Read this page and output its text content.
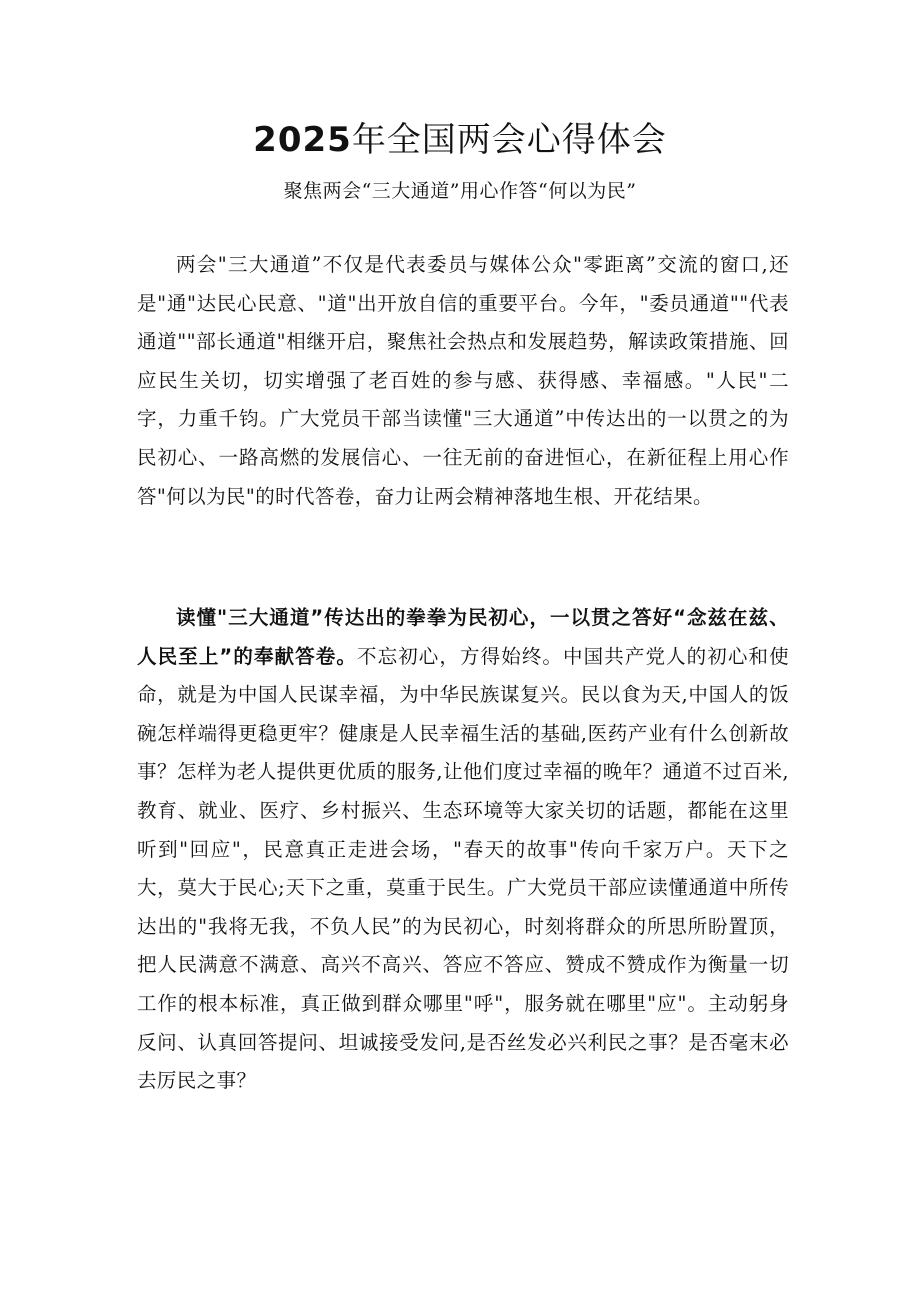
2025年全国两会心得体会

聚焦两会“三大通道”用心作答“何以为民”

两会"三大通道”不仅是代表委员与媒体公众"零距离”交流的窗口,还是"通"达民心民意、"道"出开放自信的重要平台。今年，"委员通道""代表通道""部长通道"相继开启，聚焦社会热点和发展趋势，解读政策措施、回应民生关切，切实增强了老百姓的参与感、获得感、幸福感。"人民"二字，力重千钧。广大党员干部当读懂"三大通道”中传达出的一以贯之的为民初心、一路高燃的发展信心、一往无前的奋进恒心，在新征程上用心作答"何以为民"的时代答卷，奋力让两会精神落地生根、开花结果。

读懂"三大通道”传达出的拳拳为民初心，一以贯之答好“念兹在兹、人民至上”的奉献答卷。不忘初心，方得始终。中国共产党人的初心和使命，就是为中国人民谋幸福，为中华民族谋复兴。民以食为天,中国人的饭碗怎样端得更稳更牢？健康是人民幸福生活的基础,医药产业有什么创新故事？怎样为老人提供更优质的服务,让他们度过幸福的晚年？通道不过百米,教育、就业、医疗、乡村振兴、生态环境等大家关切的话题，都能在这里听到"回应"，民意真正走进会场，"春天的故事"传向千家万户。天下之大，莫大于民心;天下之重，莫重于民生。广大党员干部应读懂通道中所传达出的"我将无我，不负人民”的为民初心，时刻将群众的所思所盼置顶，把人民满意不满意、高兴不高兴、答应不答应、赞成不赞成作为衡量一切工作的根本标准，真正做到群众哪里"呼"，服务就在哪里"应"。主动躬身反问、认真回答提问、坦诚接受发问,是否丝发必兴利民之事？是否毫末必去厉民之事？
